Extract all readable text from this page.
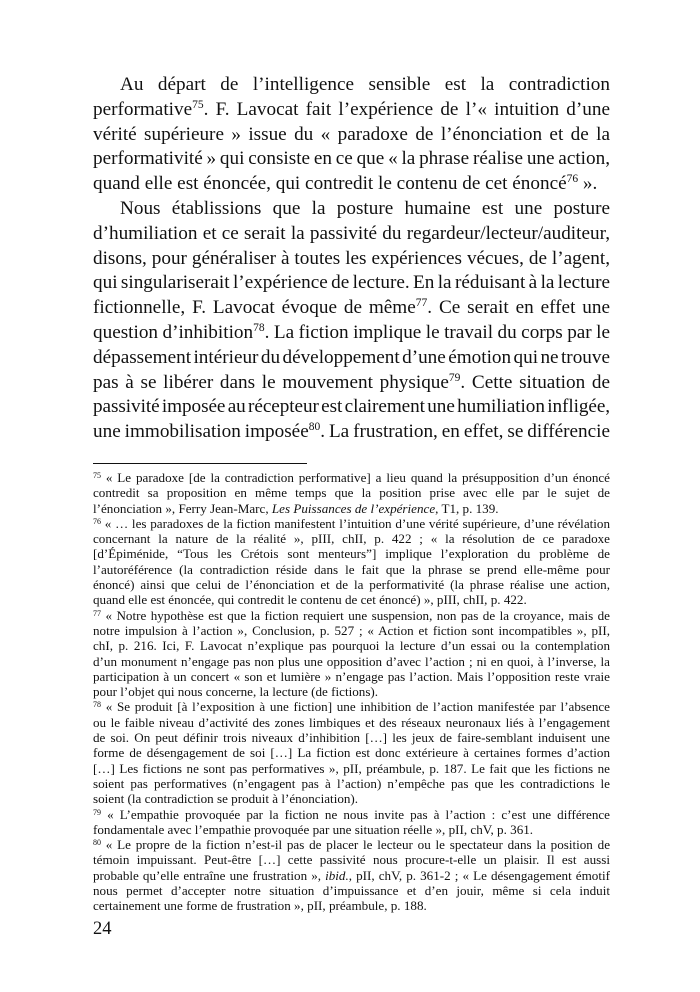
Au départ de l’intelligence sensible est la contradiction
performative$^{75}$. F. Lavocat fait l’expérience de l’« intuition d’une
vérité supérieure » issue du « paradoxe de l’énonciation et de la
performativité » qui consiste en ce que « la phrase réalise une action,
quand elle est énoncée, qui contredit le contenu de cet énoncé$^{76}$ ».
Nous établissions que la posture humaine est une posture
d’humiliation et ce serait la passivité du regardeur/lecteur/auditeur,
disons, pour généraliser à toutes les expériences vécues, de l’agent,
qui singulariserait l’expérience de lecture. En la réduisant à la lecture
fictionnelle, F. Lavocat évoque de même$^{77}$. Ce serait en effet une
question d’inhibition$^{78}$. La fiction implique le travail du corps par le
dépassement intérieur du développement d’une émotion qui ne trouve
pas à se libérer dans le mouvement physique$^{79}$. Cette situation de
passivité imposée au récepteur est clairement une humiliation infligée,
une immobilisation imposée$^{80}$. La frustration, en effet, se différencie
$^{75}$ « Le paradoxe [de la contradiction performative] a lieu quand la présupposition d’un énoncé
contredit sa proposition en même temps que la position prise avec elle par le sujet de
l’énonciation », Ferry Jean-Marc, Les Puissances de l’expérience, T1, p. 139.
$^{76}$ « … les paradoxes de la fiction manifestent l’intuition d’une vérité supérieure, d’une révélation
concernant la nature de la réalité », pIII, chII, p. 422 ; « la résolution de ce paradoxe
[d’Épiménide, “Tous les Crétois sont menteurs”] implique l’exploration du problème de
l’autoréférence (la contradiction réside dans le fait que la phrase se prend elle-même pour
énoncé) ainsi que celui de l’énonciation et de la performativité (la phrase réalise une action,
quand elle est énoncée, qui contredit le contenu de cet énoncé) », pIII, chII, p. 422.
$^{77}$ « Notre hypothèse est que la fiction requiert une suspension, non pas de la croyance, mais de
notre impulsion à l’action », Conclusion, p. 527 ; « Action et fiction sont incompatibles », pII,
chI, p. 216. Ici, F. Lavocat n’explique pas pourquoi la lecture d’un essai ou la contemplation
d’un monument n’engage pas non plus une opposition d’avec l’action ; ni en quoi, à l’inverse, la
participation à un concert « son et lumière » n’engage pas l’action. Mais l’opposition reste vraie
pour l’objet qui nous concerne, la lecture (de fictions).
$^{78}$ « Se produit [à l’exposition à une fiction] une inhibition de l’action manifestée par l’absence
ou le faible niveau d’activité des zones limbiques et des réseaux neuronaux liés à l’engagement
de soi. On peut définir trois niveaux d’inhibition […] les jeux de faire-semblant induisent une
forme de désengagement de soi […] La fiction est donc extérieure à certaines formes d’action
[…] Les fictions ne sont pas performatives », pII, préambule, p. 187. Le fait que les fictions ne
soient pas performatives (n’engagent pas à l’action) n’empêche pas que les contradictions le
soient (la contradiction se produit à l’énonciation).
$^{79}$ « L’empathie provoquée par la fiction ne nous invite pas à l’action : c’est une différence
fondamentale avec l’empathie provoquée par une situation réelle », pII, chV, p. 361.
$^{80}$ « Le propre de la fiction n’est-il pas de placer le lecteur ou le spectateur dans la position de
témoin impuissant. Peut-être […] cette passivité nous procure-t-elle un plaisir. Il est aussi
probable qu’elle entraîne une frustration », ibid., pII, chV, p. 361-2 ; « Le désengagement émotif
nous permet d’accepter notre situation d’impuissance et d’en jouir, même si cela induit
certainement une forme de frustration », pII, préambule, p. 188.
24
